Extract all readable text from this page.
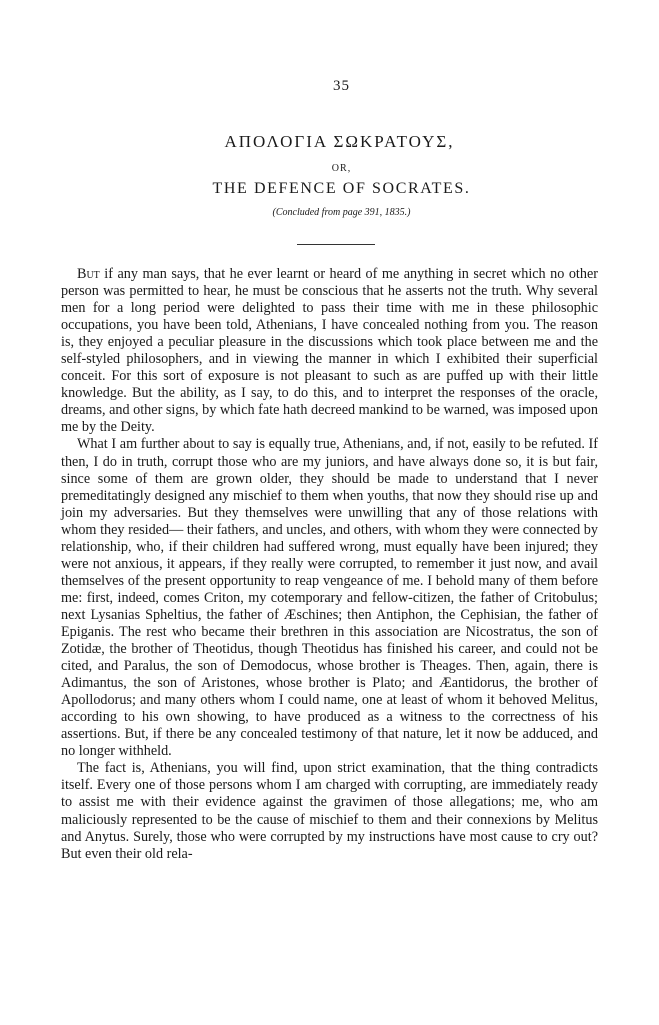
35
ΑΠΟΛΟΓΙΑ ΣΩΚΡΑΤΟΥΣ,
OR,
THE DEFENCE OF SOCRATES.
(Concluded from page 391, 1835.)

But if any man says, that he ever learnt or heard of me anything in secret which no other person was permitted to hear, he must be conscious that he asserts not the truth. Why several men for a long period were delighted to pass their time with me in these philosophic occupations, you have been told, Athenians, I have concealed nothing from you. The reason is, they enjoyed a peculiar pleasure in the discussions which took place between me and the self-styled philosophers, and in viewing the manner in which I exhibited their superficial conceit. For this sort of exposure is not pleasant to such as are puffed up with their little knowledge. But the ability, as I say, to do this, and to interpret the responses of the oracle, dreams, and other signs, by which fate hath decreed mankind to be warned, was imposed upon me by the Deity.

What I am further about to say is equally true, Athenians, and, if not, easily to be refuted. If then, I do in truth, corrupt those who are my juniors, and have always done so, it is but fair, since some of them are grown older, they should be made to understand that I never premeditatingly designed any mischief to them when youths, that now they should rise up and join my adversaries. But they themselves were unwilling that any of those relations with whom they resided— their fathers, and uncles, and others, with whom they were connected by relationship, who, if their children had suffered wrong, must equally have been injured; they were not anxious, it appears, if they really were corrupted, to remember it just now, and avail themselves of the present opportunity to reap vengeance of me. I behold many of them before me: first, indeed, comes Criton, my cotemporary and fellow-citizen, the father of Critobulus; next Lysanias Spheltius, the father of Æschines; then Antiphon, the Cephisian, the father of Epiganis. The rest who became their brethren in this association are Nicostratus, the son of Zotidæ, the brother of Theotidus, though Theotidus has finished his career, and could not be cited, and Paralus, the son of Demodocus, whose brother is Theages. Then, again, there is Adimantus, the son of Aristones, whose brother is Plato; and Æantidorus, the brother of Apollodorus; and many others whom I could name, one at least of whom it behoved Melitus, according to his own showing, to have produced as a witness to the correctness of his assertions. But, if there be any concealed testimony of that nature, let it now be adduced, and no longer withheld.

The fact is, Athenians, you will find, upon strict examination, that the thing contradicts itself. Every one of those persons whom I am charged with corrupting, are immediately ready to assist me with their evidence against the gravimen of those allegations; me, who am maliciously represented to be the cause of mischief to them and their connexions by Melitus and Anytus. Surely, those who were corrupted by my instructions have most cause to cry out? But even their old rela-
